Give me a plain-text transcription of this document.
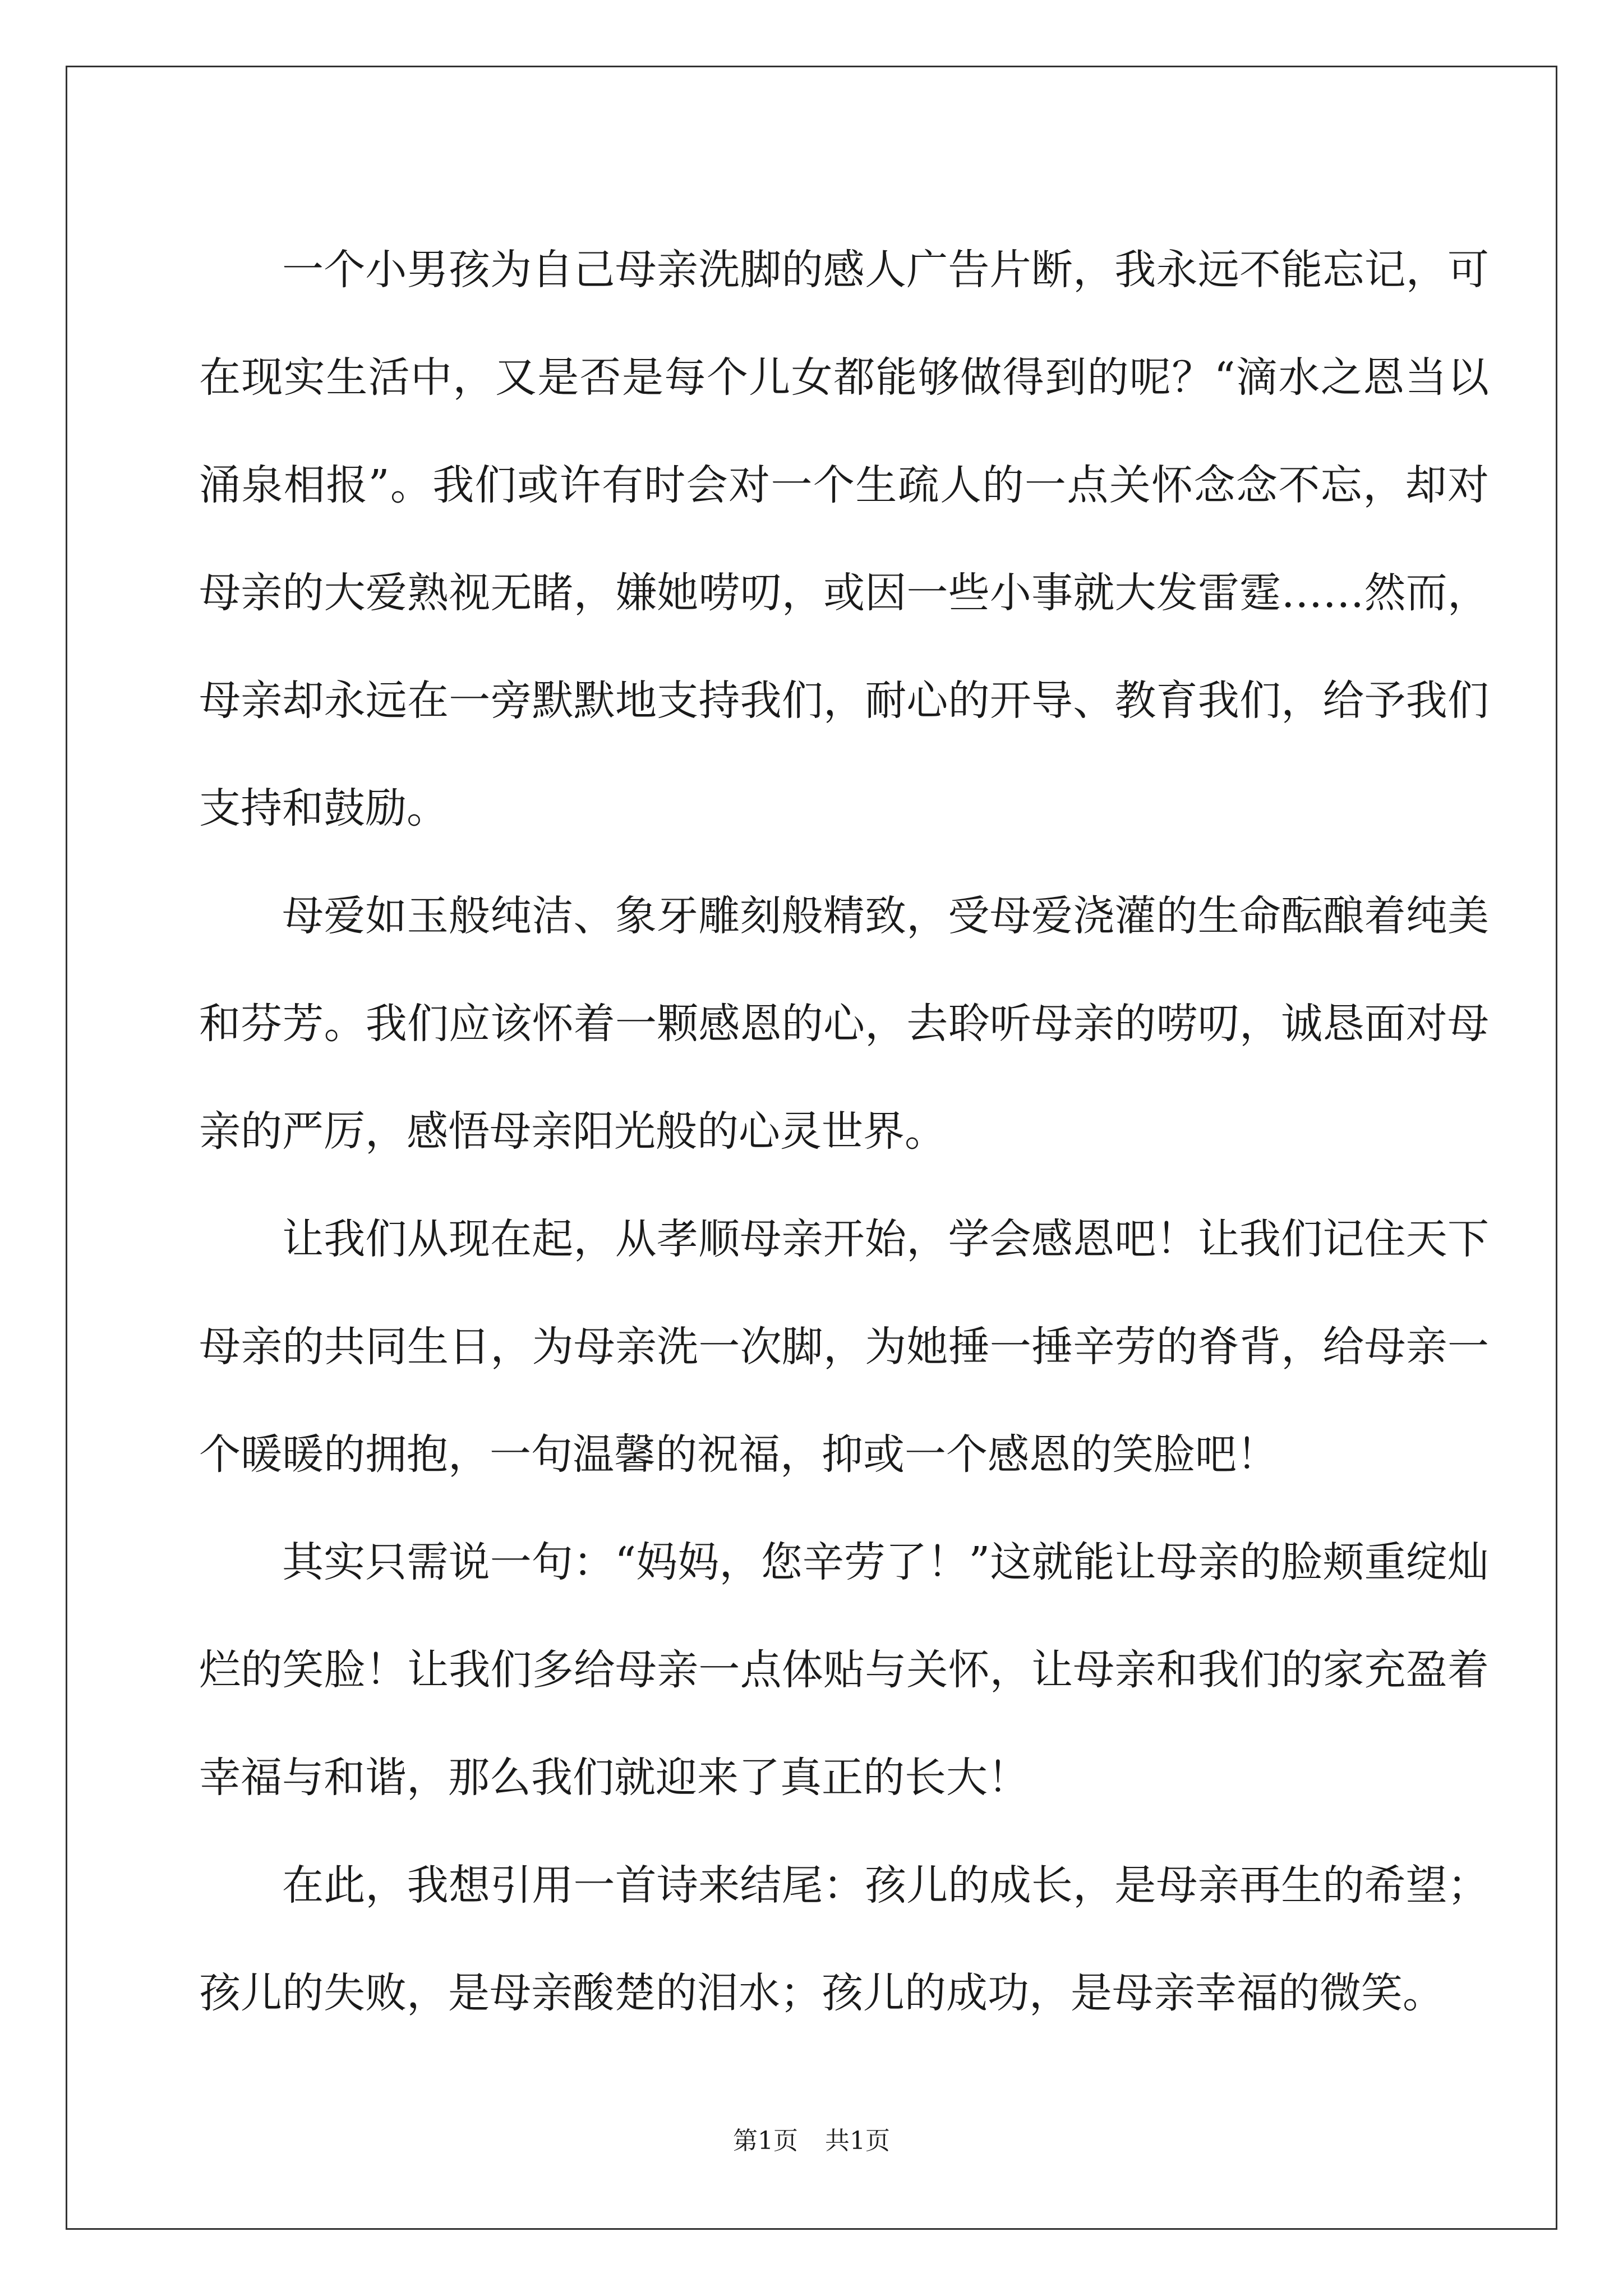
一个小男孩为自己母亲洗脚的感人广告片断，我永远不能忘记，可在现实生活中，又是否是每个儿女都能够做得到的呢？“滴水之恩当以涌泉相报”。我们或许有时会对一个生疏人的一点关怀念念不忘，却对母亲的大爱熟视无睹，嫌她唠叨，或因一些小事就大发雷霆……然而，母亲却永远在一旁默默地支持我们，耐心的开导、教育我们，给予我们支持和鼓励。

母爱如玉般纯洁、象牙雕刻般精致，受母爱浇灌的生命酝酿着纯美和芬芳。我们应该怀着一颗感恩的心，去聆听母亲的唠叨，诚恳面对母亲的严厉，感悟母亲阳光般的心灵世界。

让我们从现在起，从孝顺母亲开始，学会感恩吧！让我们记住天下母亲的共同生日，为母亲洗一次脚，为她捶一捶辛劳的脊背，给母亲一个暖暖的拥抱，一句温馨的祝福，抑或一个感恩的笑脸吧！

其实只需说一句：“妈妈，您辛劳了！”这就能让母亲的脸颊重绽灿烂的笑脸！让我们多给母亲一点体贴与关怀，让母亲和我们的家充盈着幸福与和谐，那么我们就迎来了真正的长大！

在此，我想引用一首诗来结尾：孩儿的成长，是母亲再生的希望；孩儿的失败，是母亲酸楚的泪水；孩儿的成功，是母亲幸福的微笑。

第1页 共1页
